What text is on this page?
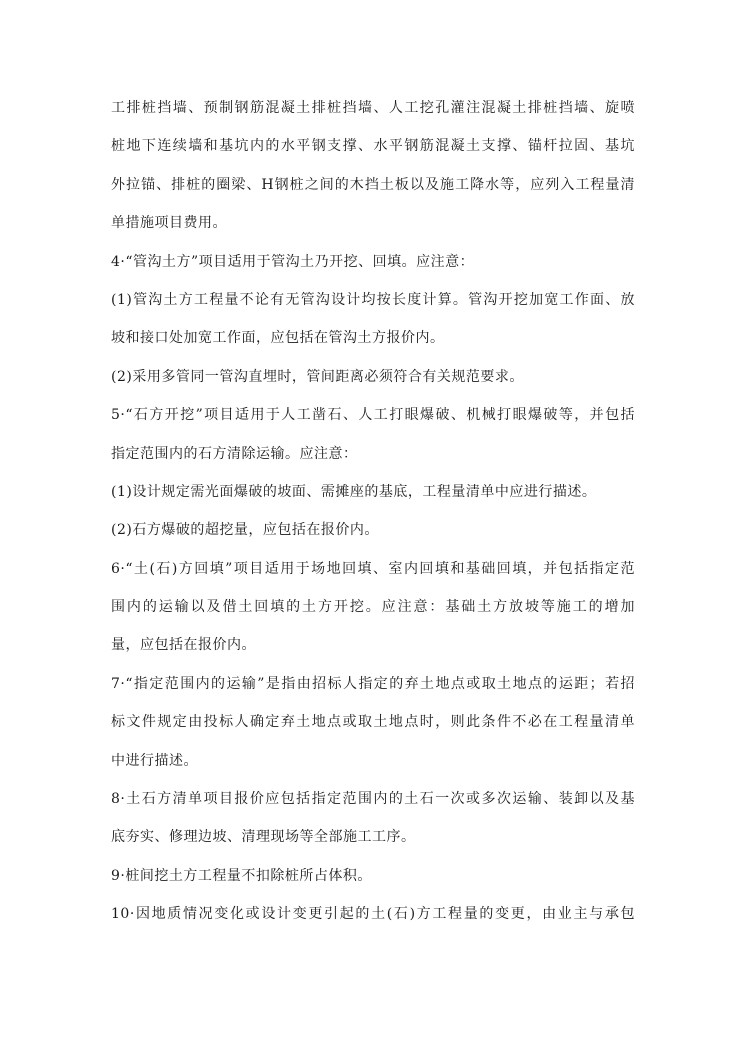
工排桩挡墙、预制钢筋混凝土排桩挡墙、人工挖孔灌注混凝土排桩挡墙、旋喷
桩地下连续墙和基坑内的水平钢支撑、水平钢筋混凝土支撑、锚杆拉固、基坑
外拉锚、排桩的圈梁、H钢桩之间的木挡土板以及施工降水等，应列入工程量清
单措施项目费用。
4·“管沟土方”项目适用于管沟土乃开挖、回填。应注意：
(1)管沟土方工程量不论有无管沟设计均按长度计算。管沟开挖加宽工作面、放
坡和接口处加宽工作面，应包括在管沟土方报价内。
(2)采用多管同一管沟直埋时，管间距离必须符合有关规范要求。
5·“石方开挖”项目适用于人工凿石、人工打眼爆破、机械打眼爆破等，并包括
指定范围内的石方清除运输。应注意：
(1)设计规定需光面爆破的坡面、需摊座的基底，工程量清单中应进行描述。
(2)石方爆破的超挖量，应包括在报价内。
6·“土(石)方回填”项目适用于场地回填、室内回填和基础回填，并包括指定范
围内的运输以及借土回填的土方开挖。应注意：基础土方放坡等施工的增加
量，应包括在报价内。
7·“指定范围内的运输”是指由招标人指定的弃土地点或取土地点的运距；若招
标文件规定由投标人确定弃土地点或取土地点时，则此条件不必在工程量清单
中进行描述。
8·土石方清单项目报价应包括指定范围内的土石一次或多次运输、装卸以及基
底夯实、修理边坡、清理现场等全部施工工序。
9·桩间挖土方工程量不扣除桩所占体积。
10·因地质情况变化或设计变更引起的土(石)方工程量的变更，由业主与承包
